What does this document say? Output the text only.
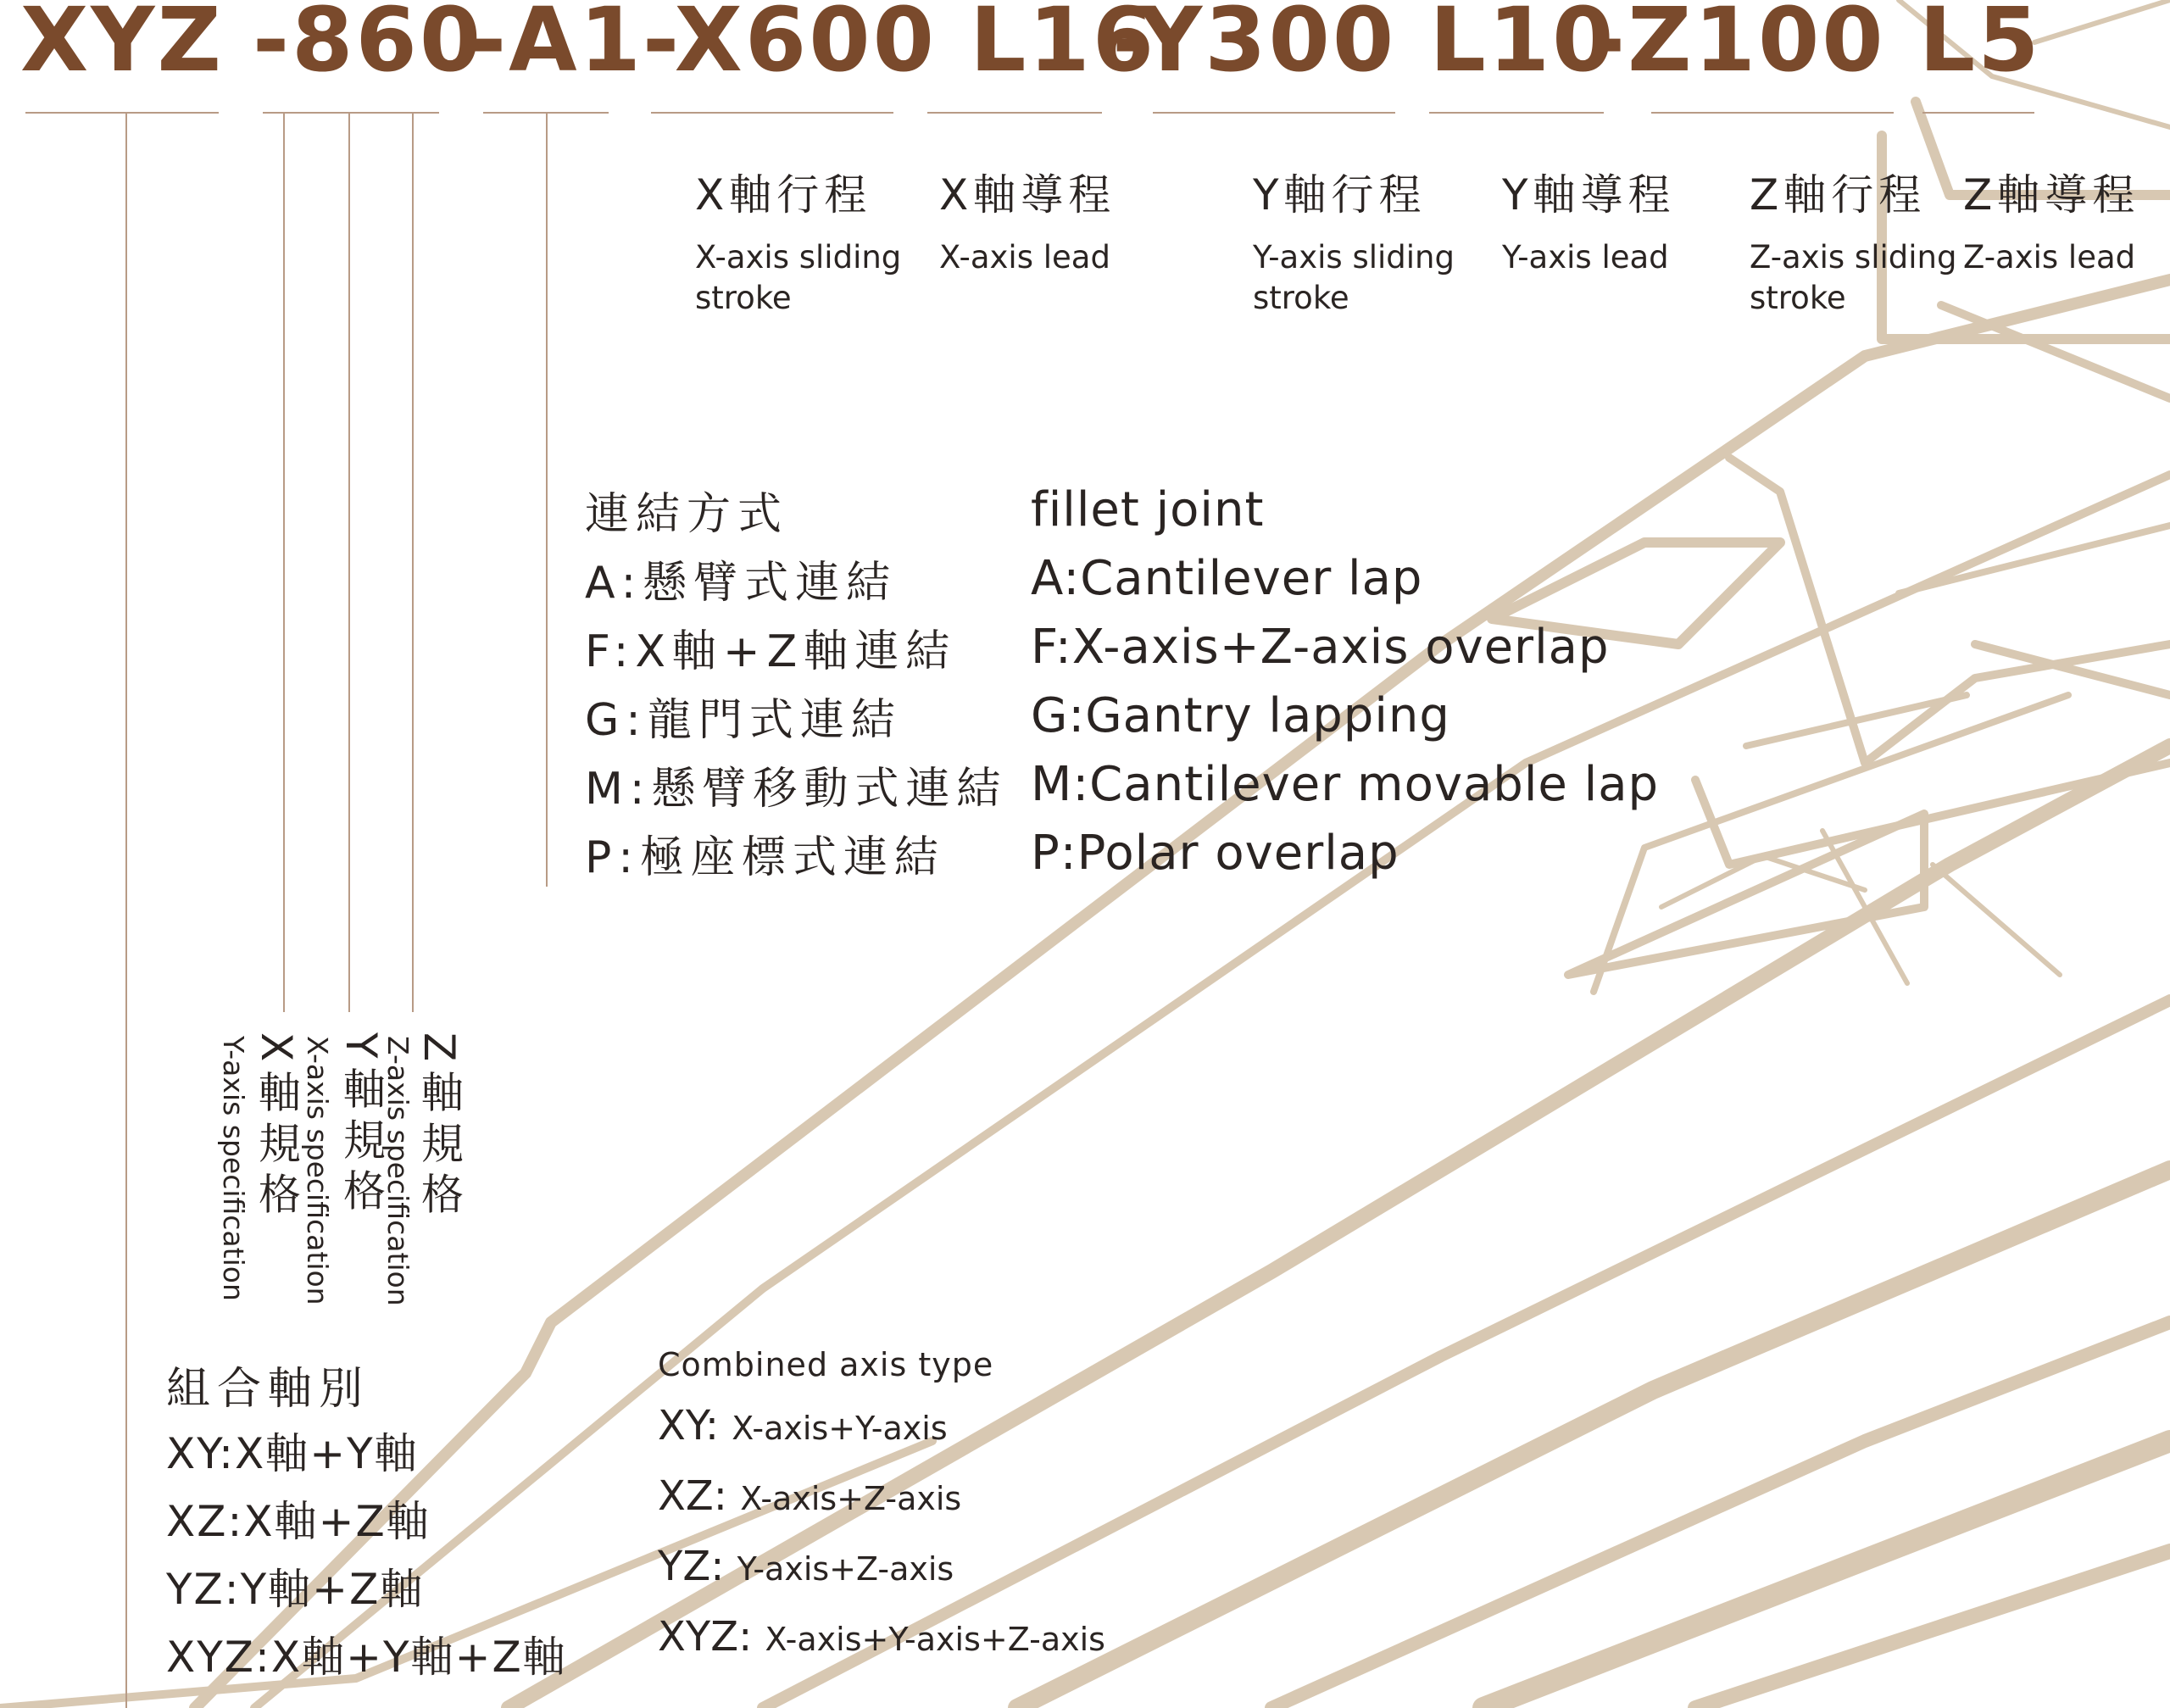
XYZ -860
-A1
-X600 L16
-Y300 L10
-Z100 L5
X軸行程
X-axis sliding stroke
X軸導程
X-axis lead
Y軸行程
Y-axis sliding stroke
Y軸導程
Y-axis lead
Z軸行程
Z-axis sliding stroke
Z軸導程
Z-axis lead
連結方式
A:懸臂式連結
F:X軸+Z軸連結
G:龍門式連結
M:懸臂移動式連結
P:極座標式連結
fillet joint
A:Cantilever lap
F:X-axis+Z-axis overlap
G:Gantry lapping
M:Cantilever movable lap
P:Polar overlap
X軸規格
Y-axis specification Y軸規格
X-axis specification Z軸規格
Z-axis specification
組合軸別
XY:X軸+Y軸
XZ:X軸+Z軸
YZ:Y軸+Z軸
XYZ:X軸+Y軸+Z軸
Combined axis type
XY: X-axis+Y-axis
XZ: X-axis+Z-axis
YZ: Y-axis+Z-axis
XYZ: X-axis+Y-axis+Z-axis
